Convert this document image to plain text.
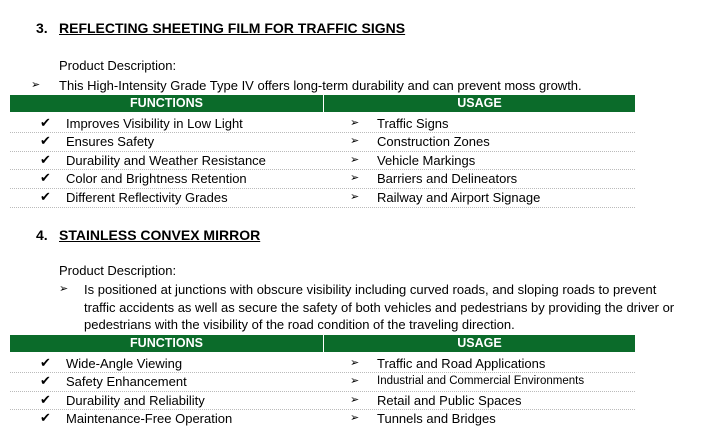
3. REFLECTING SHEETING FILM FOR TRAFFIC SIGNS
Product Description:
➢ This High-Intensity Grade Type IV offers long-term durability and can prevent moss growth.
FUNCTIONS	USAGE
✔ Improves Visibility in Low Light	➢ Traffic Signs
✔ Ensures Safety	➢ Construction Zones
✔ Durability and Weather Resistance	➢ Vehicle Markings
✔ Color and Brightness Retention	➢ Barriers and Delineators
✔ Different Reflectivity Grades	➢ Railway and Airport Signage
4. STAINLESS CONVEX MIRROR
Product Description:
➢ Is positioned at junctions with obscure visibility including curved roads, and sloping roads to prevent
traffic accidents as well as secure the safety of both vehicles and pedestrians by providing the driver or
pedestrians with the visibility of the road condition of the traveling direction.
FUNCTIONS	USAGE
✔ Wide-Angle Viewing	➢ Traffic and Road Applications
✔ Safety Enhancement	➢ Industrial and Commercial Environments
✔ Durability and Reliability	➢ Retail and Public Spaces
✔ Maintenance-Free Operation	➢ Tunnels and Bridges
